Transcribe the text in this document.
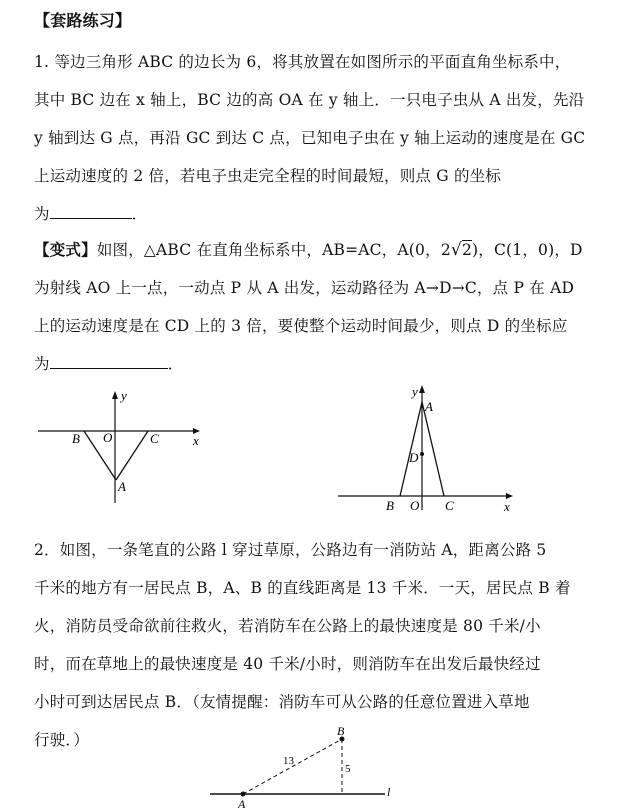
【套路练习】
1. 等边三角形 ABC 的边长为 6，将其放置在如图所示的平面直角坐标系中，
其中 BC 边在 x 轴上，BC 边的高 OA 在 y 轴上．一只电子虫从 A 出发，先沿
y 轴到达 G 点，再沿 GC 到达 C 点，已知电子虫在 y 轴上运动的速度是在 GC
上运动速度的 2 倍，若电子虫走完全程的时间最短，则点 G 的坐标
为	．
【变式】如图，△ABC 在直角坐标系中，AB=AC，A(0，2√2)，C(1，0)，D
为射线 AO 上一点，一动点 P 从 A 出发，运动路径为 A→D→C，点 P 在 AD
上的运动速度是在 CD 上的 3 倍，要使整个运动时间最少，则点 D 的坐标应
为	．
y
x
B O	C
A
y
x
A
D
B O C
2．如图，一条笔直的公路 l 穿过草原，公路边有一消防站 A，距离公路 5
千米的地方有一居民点 B，A、B 的直线距离是 13 千米．一天，居民点 B 着
火，消防员受命欲前往救火，若消防车在公路上的最快速度是 80 千米/小
时，而在草地上的最快速度是 40 千米/小时，则消防车在出发后最快经过
小时可到达居民点 B．（友情提醒：消防车可从公路的任意位置进入草地
行驶．）	B
13
5
A
l
